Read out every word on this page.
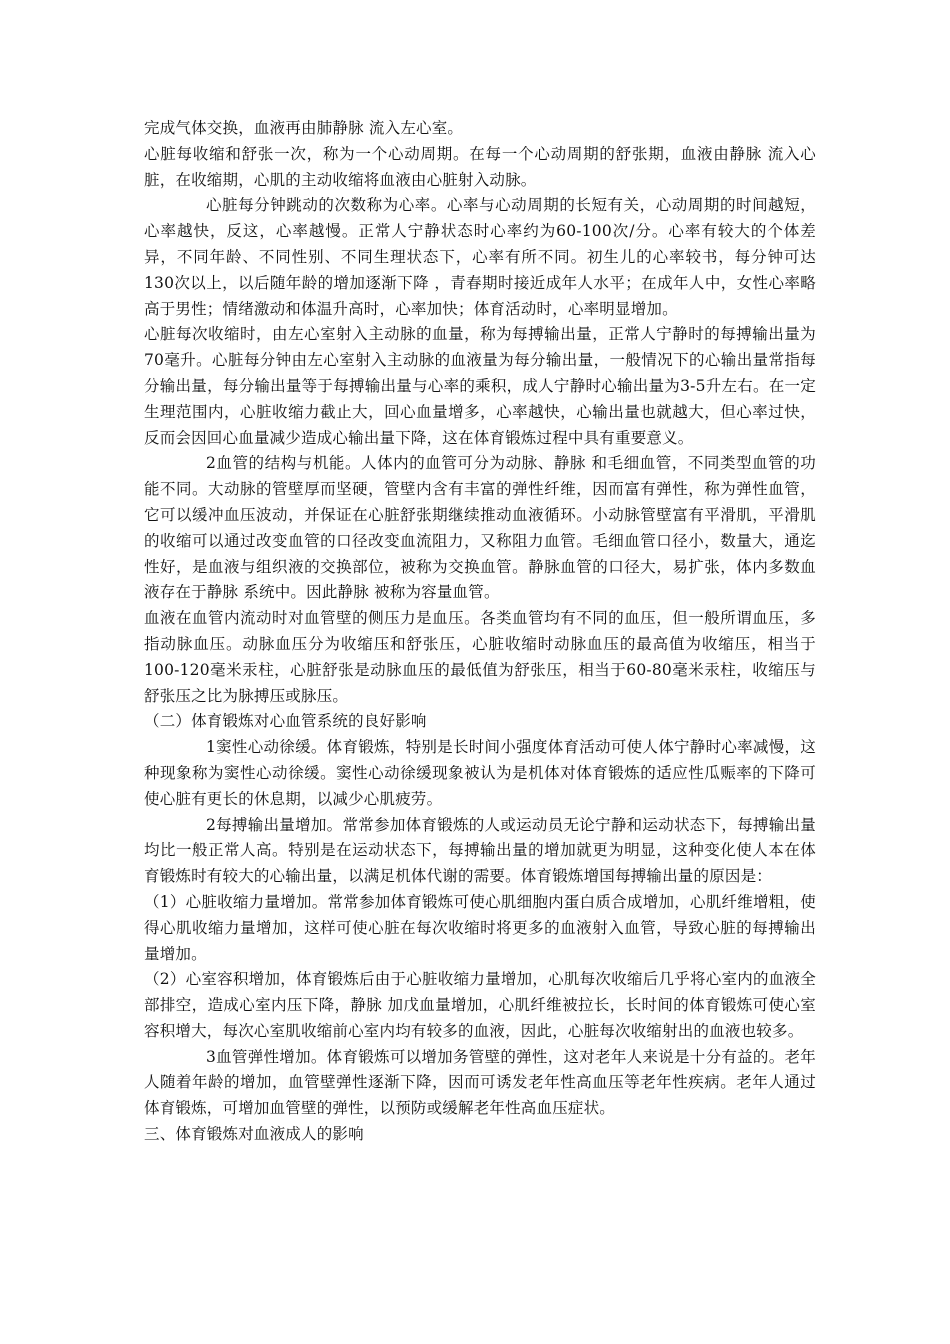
完成气体交换，血液再由肺静脉 流入左心室。

心脏每收缩和舒张一次，称为一个心动周期。在每一个心动周期的舒张期，血液由静脉 流入心脏，在收缩期，心肌的主动收缩将血液由心脏射入动脉。

心脏每分钟跳动的次数称为心率。心率与心动周期的长短有关，心动周期的时间越短，心率越快，反这，心率越慢。正常人宁静状态时心率约为60-100次/分。心率有较大的个体差异，不同年龄、不同性别、不同生理状态下，心率有所不同。初生儿的心率较书，每分钟可达130次以上，以后随年龄的增加逐渐下降 ，青春期时接近成年人水平；在成年人中，女性心率略高于男性；情绪激动和体温升高时，心率加快；体育活动时，心率明显增加。

心脏每次收缩时，由左心室射入主动脉的血量，称为每搏输出量，正常人宁静时的每搏输出量为70毫升。心脏每分钟由左心室射入主动脉的血液量为每分输出量，一般情况下的心输出量常指每分输出量，每分输出量等于每搏输出量与心率的乘积，成人宁静时心输出量为3-5升左右。在一定生理范围内，心脏收缩力截止大，回心血量增多，心率越快，心输出量也就越大，但心率过快，反而会因回心血量减少造成心输出量下降，这在体育锻炼过程中具有重要意义。

2血管的结构与机能。人体内的血管可分为动脉、静脉 和毛细血管，不同类型血管的功能不同。大动脉的管壁厚而坚硬，管壁内含有丰富的弹性纤维，因而富有弹性，称为弹性血管，它可以缓冲血压波动，并保证在心脏舒张期继续推动血液循环。小动脉管壁富有平滑肌，平滑肌的收缩可以通过改变血管的口径改变血流阻力，又称阻力血管。毛细血管口径小，数量大，通迄性好，是血液与组织液的交换部位，被称为交换血管。静脉血管的口径大，易扩张，体内多数血液存在于静脉 系统中。因此静脉 被称为容量血管。

血液在血管内流动时对血管壁的侧压力是血压。各类血管均有不同的血压，但一般所谓血压，多指动脉血压。动脉血压分为收缩压和舒张压，心脏收缩时动脉血压的最高值为收缩压，相当于100-120毫米汞柱，心脏舒张是动脉血压的最低值为舒张压，相当于60-80毫米汞柱，收缩压与舒张压之比为脉搏压或脉压。

（二）体育锻炼对心血管系统的良好影响

1窦性心动徐缓。体育锻炼，特别是长时间小强度体育活动可使人体宁静时心率减慢，这种现象称为窦性心动徐缓。窦性心动徐缓现象被认为是机体对体育锻炼的适应性瓜赈率的下降可使心脏有更长的休息期，以减少心肌疲劳。

2每搏输出量增加。常常参加体育锻炼的人或运动员无论宁静和运动状态下，每搏输出量均比一般正常人高。特别是在运动状态下，每搏输出量的增加就更为明显，这种变化使人本在体育锻炼时有较大的心输出量，以满足机体代谢的需要。体育锻炼增国每搏输出量的原因是：

（1）心脏收缩力量增加。常常参加体育锻炼可使心肌细胞内蛋白质合成增加，心肌纤维增粗，使得心肌收缩力量增加，这样可使心脏在每次收缩时将更多的血液射入血管，导致心脏的每搏输出量增加。

（2）心室容积增加，体育锻炼后由于心脏收缩力量增加，心肌每次收缩后几乎将心室内的血液全部排空，造成心室内压下降，静脉 加戊血量增加，心肌纤维被拉长，长时间的体育锻炼可使心室容积增大，每次心室肌收缩前心室内均有较多的血液，因此，心脏每次收缩射出的血液也较多。

3血管弹性增加。体育锻炼可以增加务管壁的弹性，这对老年人来说是十分有益的。老年人随着年龄的增加，血管壁弹性逐渐下降，因而可诱发老年性高血压等老年性疾病。老年人通过体育锻炼，可增加血管壁的弹性，以预防或缓解老年性高血压症状。

三、体育锻炼对血液成人的影响
